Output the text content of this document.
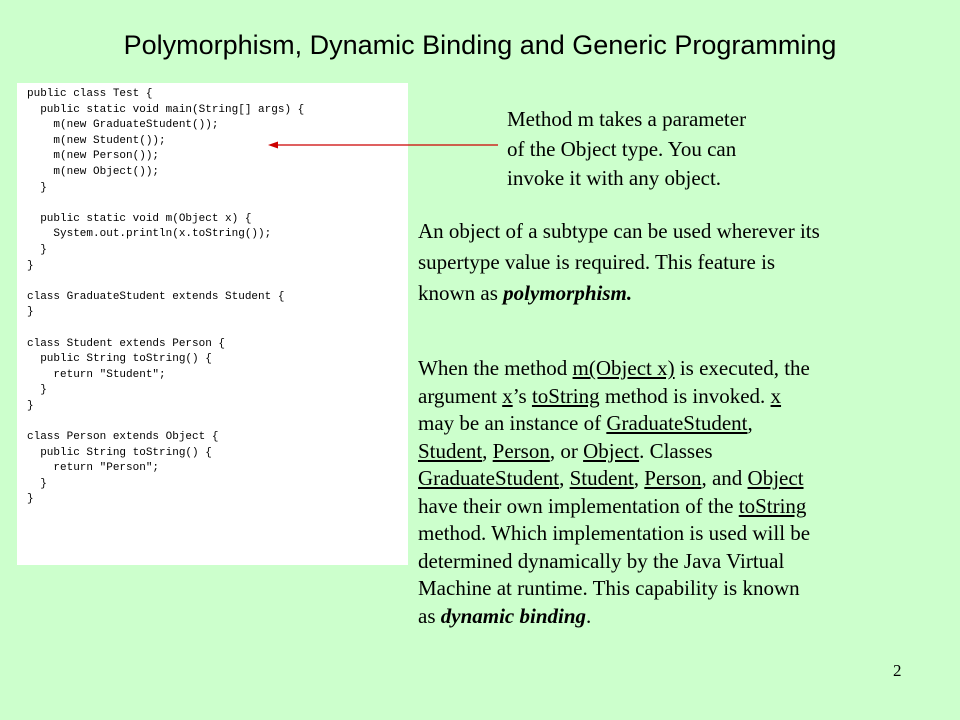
Polymorphism, Dynamic Binding and Generic Programming
public class Test {
public static void main(String[] args) {
m(new GraduateStudent());
m(new Student());
m(new Person());
m(new Object());
}

public static void m(Object x) {
System.out.println(x.toString());
}
}

class GraduateStudent extends Student {
}

class Student extends Person {
public String toString() {
return "Student";
}
}

class Person extends Object {
public String toString() {
return "Person";
}
}
Method m takes a parameter
of the Object type. You can
invoke it with any object.
An object of a subtype can be used wherever its
supertype value is required. This feature is
known as polymorphism.
When the method m(Object x) is executed, the
argument x’s toString method is invoked. x
may be an instance of GraduateStudent,
Student, Person, or Object. Classes
GraduateStudent, Student, Person, and Object
have their own implementation of the toString
method. Which implementation is used will be
determined dynamically by the Java Virtual
Machine at runtime. This capability is known
as dynamic binding.
2
